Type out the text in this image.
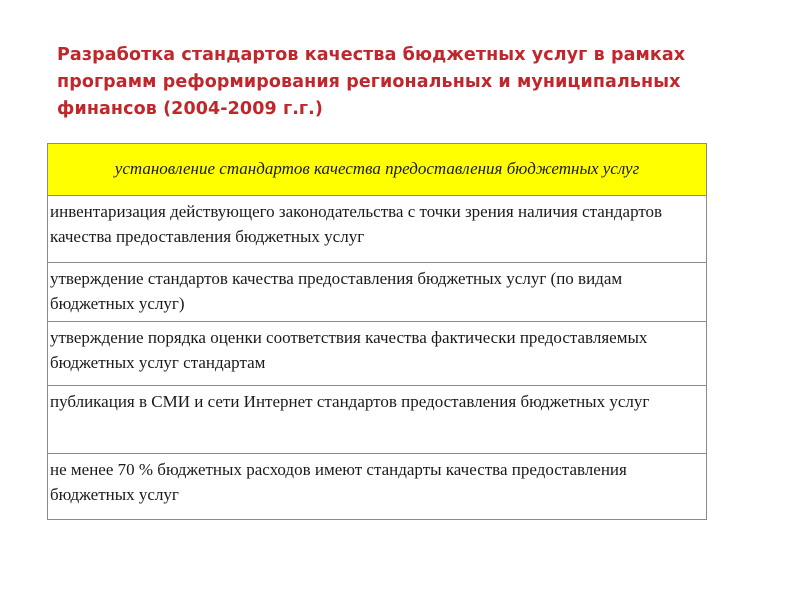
Разработка стандартов качества бюджетных услуг в рамках программ реформирования региональных и муниципальных финансов (2004-2009 г.г.)
установление стандартов качества предоставления бюджетных услуг
инвентаризация действующего законодательства с точки зрения наличия стандартов качества предоставления бюджетных услуг
утверждение стандартов качества предоставления бюджетных услуг (по видам бюджетных услуг)
утверждение порядка оценки соответствия качества фактически предоставляемых бюджетных услуг стандартам
публикация в СМИ и сети Интернет стандартов предоставления бюджетных услуг
не менее 70 % бюджетных расходов имеют стандарты качества предоставления бюджетных услуг
